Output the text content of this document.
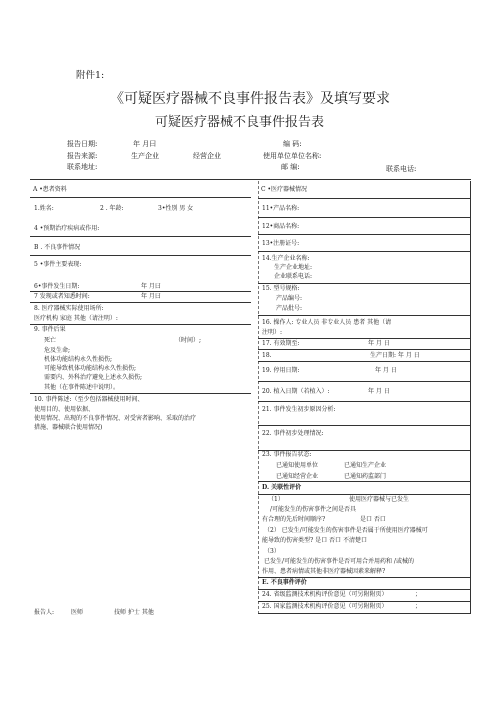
附件1:
《可疑医疗器械不良事件报告表》及填写要求
可疑医疗器械不良事件报告表
报告日期:	年 月曰	编 码:
报告来源:	生产企业	经营企业	使用单位单位名称:
联系地址:	邮 编:	联系电话:
A •患者资料
1.姓名:	2 . 年龄:	3•性别 男 女
4 •预期治疗疾病或作用:
B . 不良事件情况
5 •事件主要表现:
6•事件发生日期:	年 月曰
7 发现或者知悉时间:	年 月曰
8. 医疗器械实际使用场所:
医疗机构 家庭 其他（请注明）:
9. 事件后果
死亡	（时间）;
危及生命;
机体功能结构永久性损伤;
可能导致机体功能结构永久性损伤;
需要内、外科治疗避免上述永久损伤;
其他（在事件陈述中说明）。
10. 事件陈述:（至少包括器械使用时间、
使用目的、使用依据、
使用情况、出现的不良事件情况、对受害者影响、采取的治疗
措施、器械联合使用情况)
报告人:	医师	技师 护士 其他
C •医疗器械情况
11•产品名称:
12•商品名称:
13•注册证号:
14.生产企业名称:
生产企业地址:
企业联系电话:
15. 型号规格:
产品编号:
产品批号:
16. 操作人: 专业人员 非专业人员 患者 其他（请
注明）:
17. 有效期至:	年 月 日
18.	生产日期: 年 月 日
19. 停用日期:	年 月 日
20. 植入日期（若植入）:	年 月 日
21. 事件发生初步原因分析:
22. 事件初步处理情况:
23. 事件报告状态:
已通知使用单位	已通知生产企业
已通知经营企业	已通知药监部门
D. 关联性评价
（1）	使用医疗器械与已发生
/可能发生的伤害事件之间是否具
有合理的先后时间顺序?	是口 否口
（2） 已发生/可能发生的伤害事件是否属于所使用医疗器械可
能导致的伤害类型? 是口 否口 不清楚口
（3）
已发生/可能发生的伤害事件是否可用合并用药和 /或械的
作用、患者病情或其他非医疗器械因素来解释?
E. 不良事件评价
24. 省级监测技术机构评价意见（可另附附页）	；
25. 国家监测技术机构评价意见（可另附附页）	；
